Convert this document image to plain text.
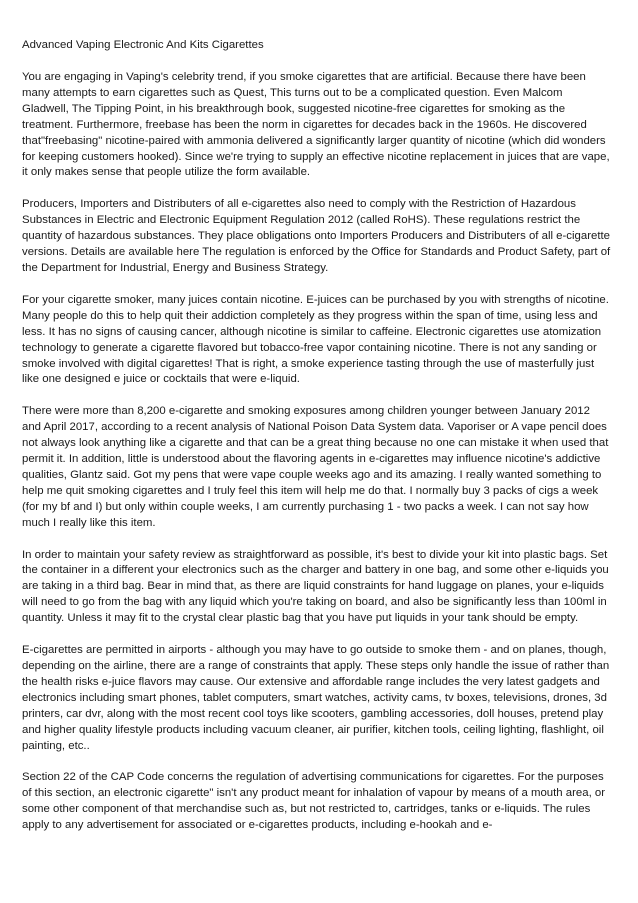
Advanced Vaping Electronic And Kits Cigarettes

You are engaging in Vaping's celebrity trend, if you smoke cigarettes that are artificial. Because there have been many attempts to earn cigarettes such as Quest, This turns out to be a complicated question. Even Malcom Gladwell, The Tipping Point, in his breakthrough book, suggested nicotine-free cigarettes for smoking as the treatment. Furthermore, freebase has been the norm in cigarettes for decades back in the 1960s. He discovered that"freebasing" nicotine-paired with ammonia delivered a significantly larger quantity of nicotine (which did wonders for keeping customers hooked). Since we're trying to supply an effective nicotine replacement in juices that are vape, it only makes sense that people utilize the form available.

Producers, Importers and Distributers of all e-cigarettes also need to comply with the Restriction of Hazardous Substances in Electric and Electronic Equipment Regulation 2012 (called RoHS). These regulations restrict the quantity of hazardous substances. They place obligations onto Importers Producers and Distributers of all e-cigarette versions. Details are available here The regulation is enforced by the Office for Standards and Product Safety, part of the Department for Industrial, Energy and Business Strategy.

For your cigarette smoker, many juices contain nicotine. E-juices can be purchased by you with strengths of nicotine. Many people do this to help quit their addiction completely as they progress within the span of time, using less and less. It has no signs of causing cancer, although nicotine is similar to caffeine. Electronic cigarettes use atomization technology to generate a cigarette flavored but tobacco-free vapor containing nicotine. There is not any sanding or smoke involved with digital cigarettes! That is right, a smoke experience tasting through the use of masterfully just like one designed e juice or cocktails that were e-liquid.

There were more than 8,200 e-cigarette and smoking exposures among children younger between January 2012 and April 2017, according to a recent analysis of National Poison Data System data. Vaporiser or A vape pencil does not always look anything like a cigarette and that can be a great thing because no one can mistake it when used that permit it. In addition, little is understood about the flavoring agents in e-cigarettes may influence nicotine's addictive qualities, Glantz said. Got my pens that were vape couple weeks ago and its amazing. I really wanted something to help me quit smoking cigarettes and I truly feel this item will help me do that. I normally buy 3 packs of cigs a week (for my bf and I) but only within couple weeks, I am currently purchasing 1 - two packs a week. I can not say how much I really like this item.

In order to maintain your safety review as straightforward as possible, it's best to divide your kit into plastic bags. Set the container in a different your electronics such as the charger and battery in one bag, and some other e-liquids you are taking in a third bag. Bear in mind that, as there are liquid constraints for hand luggage on planes, your e-liquids will need to go from the bag with any liquid which you're taking on board, and also be significantly less than 100ml in quantity. Unless it may fit to the crystal clear plastic bag that you have put liquids in your tank should be empty.

E-cigarettes are permitted in airports - although you may have to go outside to smoke them - and on planes, though, depending on the airline, there are a range of constraints that apply. These steps only handle the issue of rather than the health risks e-juice flavors may cause. Our extensive and affordable range includes the very latest gadgets and electronics including smart phones, tablet computers, smart watches, activity cams, tv boxes, televisions, drones, 3d printers, car dvr, along with the most recent cool toys like scooters, gambling accessories, doll houses, pretend play and higher quality lifestyle products including vacuum cleaner, air purifier, kitchen tools, ceiling lighting, flashlight, oil painting, etc..

Section 22 of the CAP Code concerns the regulation of advertising communications for cigarettes. For the purposes of this section, an electronic cigarette" isn't any product meant for inhalation of vapour by means of a mouth area, or some other component of that merchandise such as, but not restricted to, cartridges, tanks or e-liquids. The rules apply to any advertisement for associated or e-cigarettes products, including e-hookah and e-
